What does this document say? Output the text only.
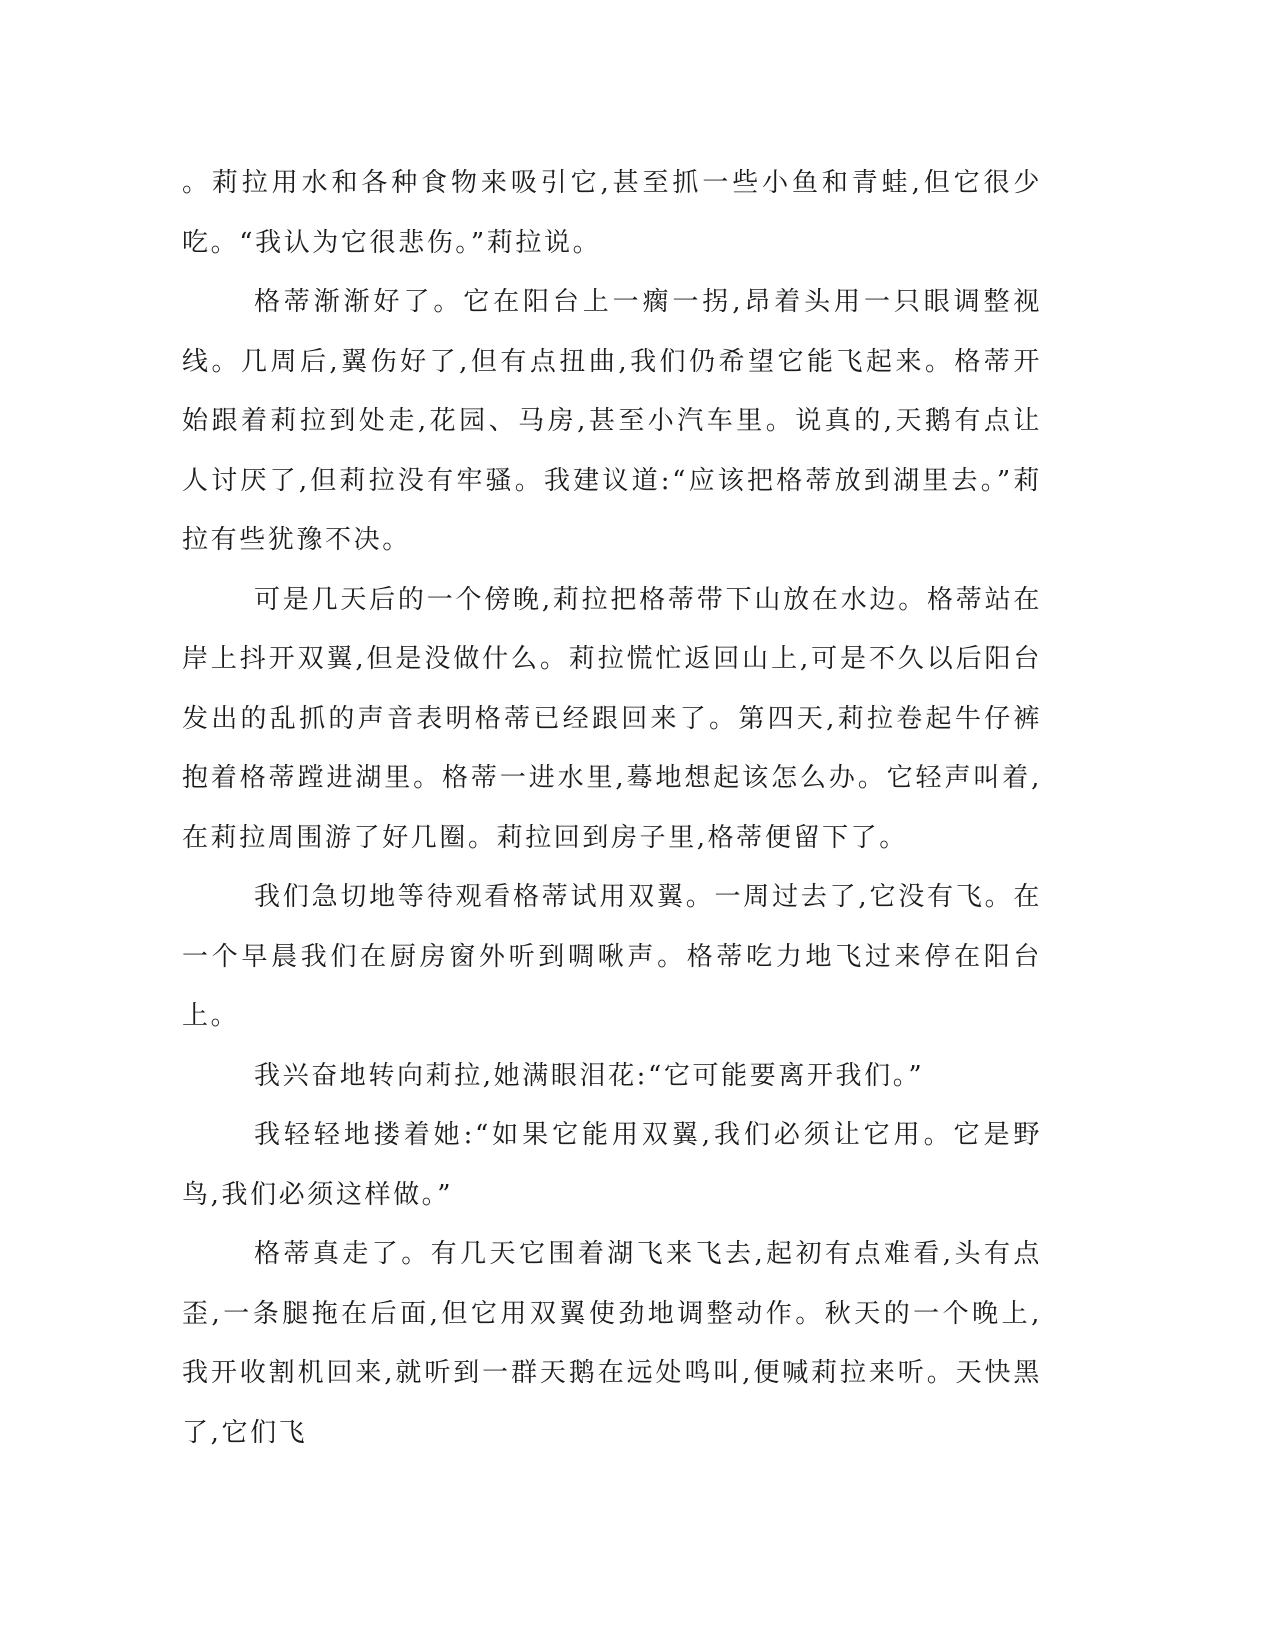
。莉拉用水和各种食物来吸引它,甚至抓一些小鱼和青蛙,但它很少吃。“我认为它很悲伤。”莉拉说。

格蒂渐渐好了。它在阳台上一瘸一拐,昂着头用一只眼调整视线。几周后,翼伤好了,但有点扭曲,我们仍希望它能飞起来。格蒂开始跟着莉拉到处走,花园、马房,甚至小汽车里。说真的,天鹅有点让人讨厌了,但莉拉没有牢骚。我建议道:“应该把格蒂放到湖里去。”莉拉有些犹豫不决。

可是几天后的一个傍晚,莉拉把格蒂带下山放在水边。格蒂站在岸上抖开双翼,但是没做什么。莉拉慌忙返回山上,可是不久以后阳台发出的乱抓的声音表明格蒂已经跟回来了。第四天,莉拉卷起牛仔裤抱着格蒂蹚进湖里。格蒂一进水里,蓦地想起该怎么办。它轻声叫着,在莉拉周围游了好几圈。莉拉回到房子里,格蒂便留下了。

我们急切地等待观看格蒂试用双翼。一周过去了,它没有飞。在一个早晨我们在厨房窗外听到啁啾声。格蒂吃力地飞过来停在阳台上。

我兴奋地转向莉拉,她满眼泪花:“它可能要离开我们。”

我轻轻地搂着她:“如果它能用双翼,我们必须让它用。它是野鸟,我们必须这样做。”

格蒂真走了。有几天它围着湖飞来飞去,起初有点难看,头有点歪,一条腿拖在后面,但它用双翼使劲地调整动作。秋天的一个晚上,我开收割机回来,就听到一群天鹅在远处鸣叫,便喊莉拉来听。天快黑了,它们飞
